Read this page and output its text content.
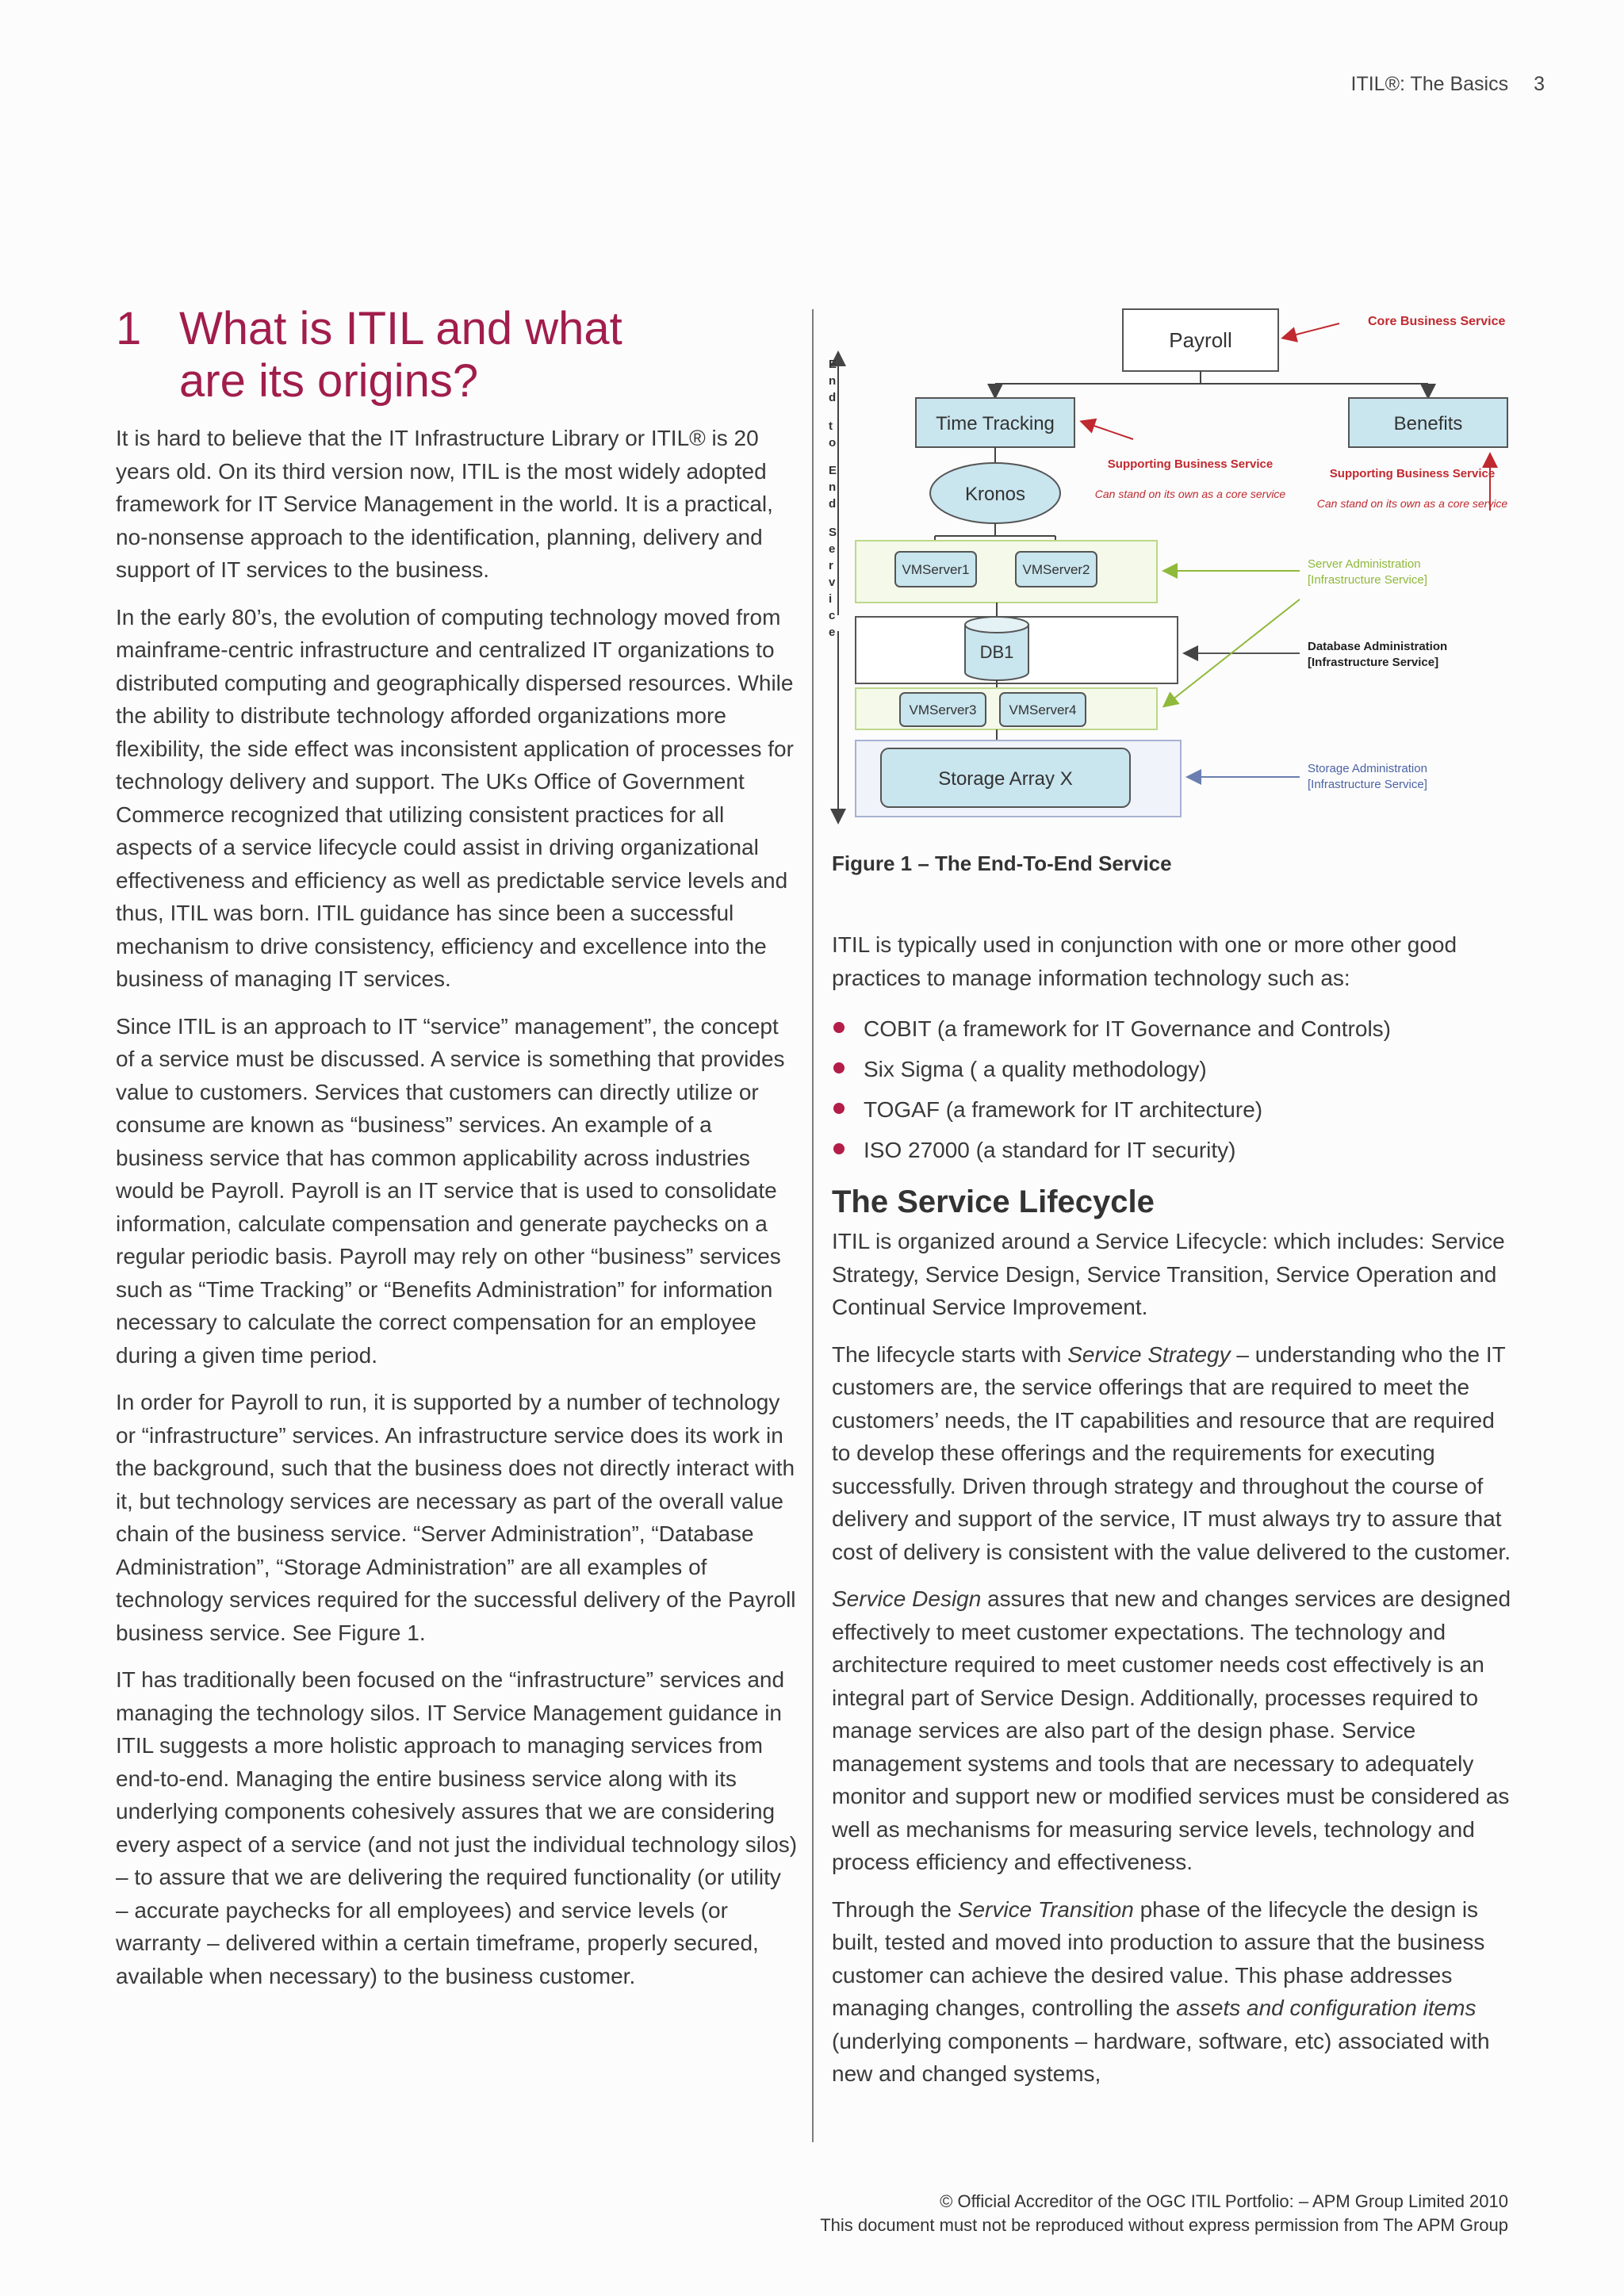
ITIL®: The Basics 3
1 What is ITIL and what
are its origins?

It is hard to believe that the IT Infrastructure Library or ITIL® is 20 years old. On its third version now, ITIL is the most widely adopted framework for IT Service Management in the world. It is a practical, no-nonsense approach to the identification, planning, delivery and support of IT services to the business.

In the early 80’s, the evolution of computing technology moved from mainframe-centric infrastructure and centralized IT organizations to distributed computing and geographically dispersed resources. While the ability to distribute technology afforded organizations more flexibility, the side effect was inconsistent application of processes for technology delivery and support. The UKs Office of Government Commerce recognized that utilizing consistent practices for all aspects of a service lifecycle could assist in driving organizational effectiveness and efficiency as well as predictable service levels and thus, ITIL was born. ITIL guidance has since been a successful mechanism to drive consistency, efficiency and excellence into the business of managing IT services.

Since ITIL is an approach to IT “service” management”, the concept of a service must be discussed. A service is something that provides value to customers. Services that customers can directly utilize or consume are known as “business” services. An example of a business service that has common applicability across industries would be Payroll. Payroll is an IT service that is used to consolidate information, calculate compensation and generate paychecks on a regular periodic basis. Payroll may rely on other “business” services such as “Time Tracking” or “Benefits Administration” for information necessary to calculate the correct compensation for an employee during a given time period.

In order for Payroll to run, it is supported by a number of technology or “infrastructure” services. An infrastructure service does its work in the background, such that the business does not directly interact with it, but technology services are necessary as part of the overall value chain of the business service. “Server Administration”, “Database Administration”, “Storage Administration” are all examples of technology services required for the successful delivery of the Payroll business service. See Figure 1.

IT has traditionally been focused on the “infrastructure” services and managing the technology silos. IT Service Management guidance in ITIL suggests a more holistic approach to managing services from end-to-end. Managing the entire business service along with its underlying components cohesively assures that we are considering every aspect of a service (and not just the individual technology silos) – to assure that we are delivering the required functionality (or utility – accurate paychecks for all employees) and service levels (or warranty – delivered within a certain timeframe, properly secured, available when necessary) to the business customer.

E n d t o E n d S e r v i c e
Payroll
Core Business Service
Time Tracking
Supporting Business Service
Can stand on its own as a core service
Benefits
Supporting Business Service
Can stand on its own as a core service
Kronos
VMServer1	VMServer2	Server Administration [Infrastructure Service]
DB1	Database Administration [Infrastructure Service]
VMServer3 VMServer4
Storage Array X	Storage Administration [Infrastructure Service]
Figure 1 – The End-To-End Service

ITIL is typically used in conjunction with one or more other good practices to manage information technology such as:

COBIT (a framework for IT Governance and Controls)
Six Sigma ( a quality methodology)
TOGAF (a framework for IT architecture)
ISO 27000 (a standard for IT security)
The Service Lifecycle

ITIL is organized around a Service Lifecycle: which includes: Service Strategy, Service Design, Service Transition, Service Operation and Continual Service Improvement.

The lifecycle starts with Service Strategy – understanding who the IT customers are, the service offerings that are required to meet the customers’ needs, the IT capabilities and resource that are required to develop these offerings and the requirements for executing successfully. Driven through strategy and throughout the course of delivery and support of the service, IT must always try to assure that cost of delivery is consistent with the value delivered to the customer.

Service Design assures that new and changes services are designed effectively to meet customer expectations. The technology and architecture required to meet customer needs cost effectively is an integral part of Service Design. Additionally, processes required to manage services are also part of the design phase. Service management systems and tools that are necessary to adequately monitor and support new or modified services must be considered as well as mechanisms for measuring service levels, technology and process efficiency and effectiveness.

Through the Service Transition phase of the lifecycle the design is built, tested and moved into production to assure that the business customer can achieve the desired value. This phase addresses managing changes, controlling the assets and configuration items (underlying components – hardware, software, etc) associated with new and changed systems,

© Official Accreditor of the OGC ITIL Portfolio: – APM Group Limited 2010
This document must not be reproduced without express permission from The APM Group
